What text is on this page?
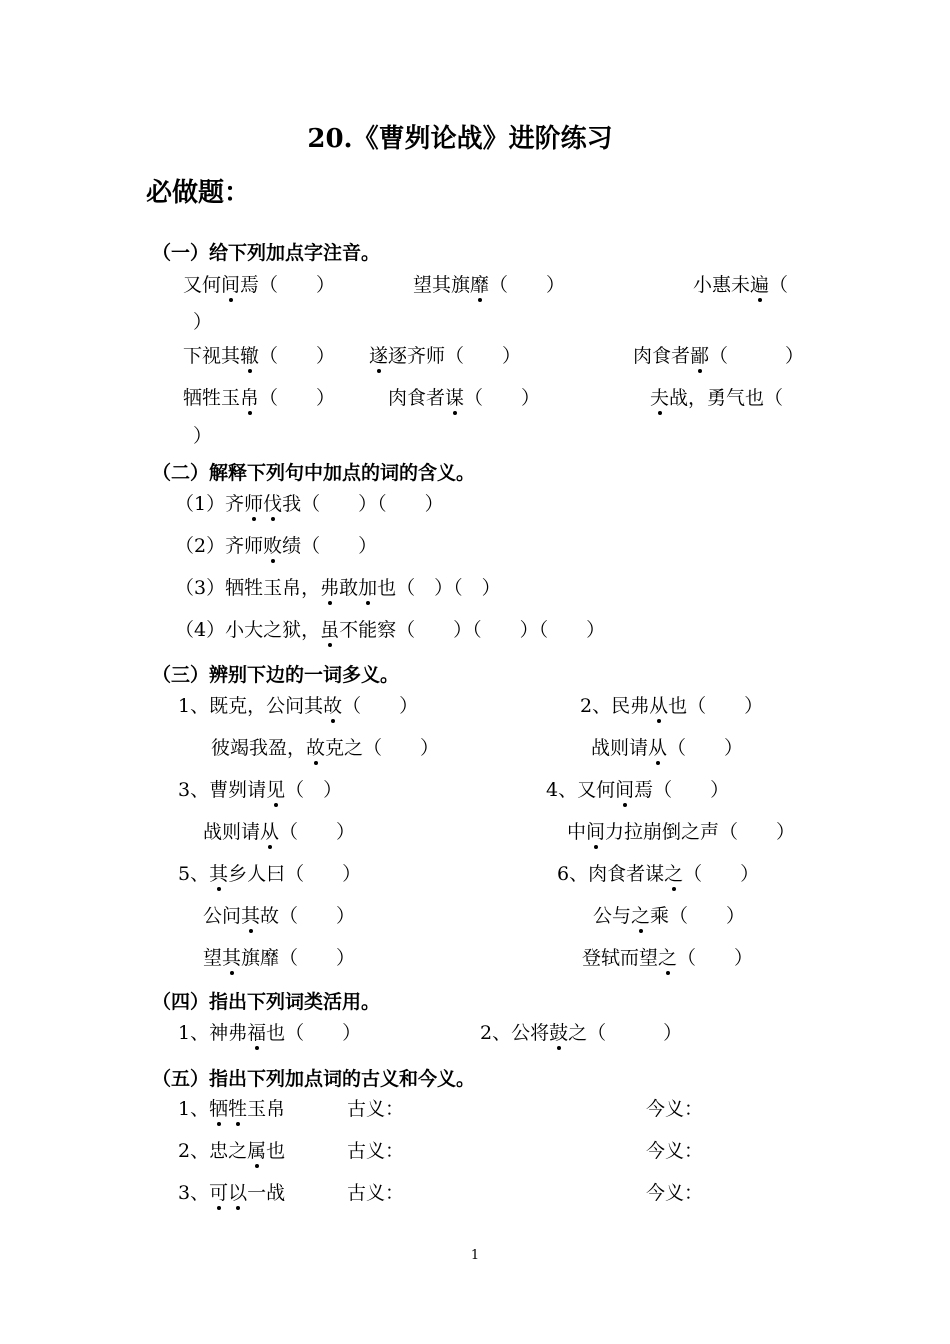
20.《曹刿论战》进阶练习
必做题：
（一）给下列加点字注音。
又何间焉（　　）	望其旗靡（　　）	小惠未遍（
）
下视其辙（　　） 遂逐齐师（　　）	肉食者鄙（　　　）
牺牲玉帛（　　）	肉食者谋（　　）	夫战，勇气也（
）
（二）解释下列句中加点的词的含义。
（1）齐师伐我（　　）（　　）
（2）齐师败绩（　　）
（3）牺牲玉帛，弗敢加也（　）（　）
（4）小大之狱，虽不能察（　　）（　　）（　　）
（三）辨别下边的一词多义。
1、既克，公问其故（　　）	2、民弗从也（　　）
彼竭我盈，故克之（　　）	战则请从（　　）
3、曹刿请见（　）	4、又何间焉（　　）
战则请从（　　）	中间力拉崩倒之声（　　）
5、其乡人曰（　　）	6、肉食者谋之（　　）
公问其故（　　）	公与之乘（　　）
望其旗靡（　　）	登轼而望之（　　）
（四）指出下列词类活用。
1、神弗福也（　　）	2、公将鼓之（　　　）
（五）指出下列加点词的古义和今义。
1、牺牲玉帛	古义：	今义：
2、忠之属也	古义：	今义：
3、可以一战	古义：	今义：
1
